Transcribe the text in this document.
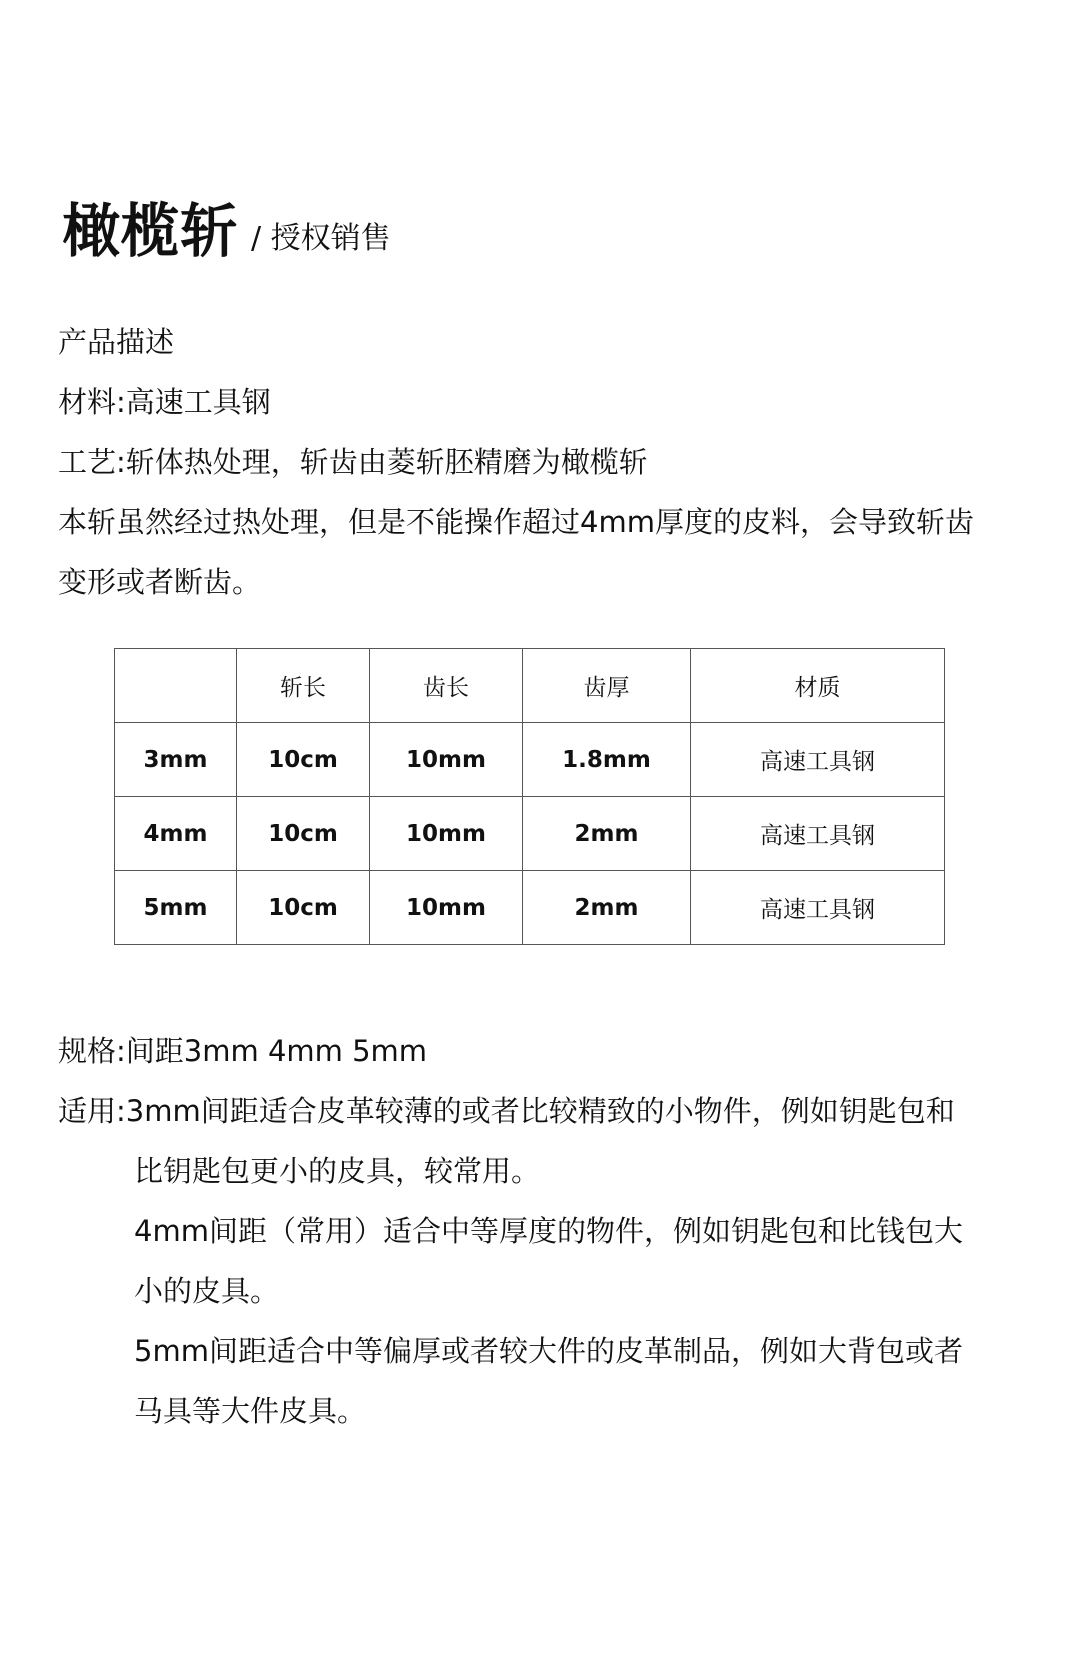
橄榄斩 / 授权销售

产品描述

材料:高速工具钢

工艺:斩体热处理，斩齿由菱斩胚精磨为橄榄斩

本斩虽然经过热处理，但是不能操作超过4mm厚度的皮料，会导致斩齿

变形或者断齿。

	斩长	齿长	齿厚	材质
3mm	10cm	10mm	1.8mm	高速工具钢
4mm	10cm	10mm	2mm	高速工具钢
5mm	10cm	10mm	2mm	高速工具钢

规格:间距3mm 4mm 5mm

适用:3mm间距适合皮革较薄的或者比较精致的小物件，例如钥匙包和

比钥匙包更小的皮具，较常用。

4mm间距（常用）适合中等厚度的物件，例如钥匙包和比钱包大

小的皮具。

5mm间距适合中等偏厚或者较大件的皮革制品，例如大背包或者

马具等大件皮具。
